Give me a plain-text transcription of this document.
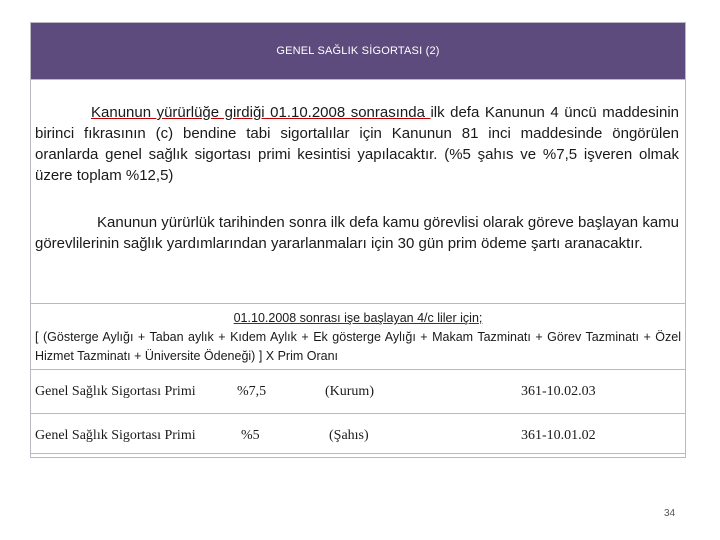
GENEL SAĞLIK SİGORTASI (2)

Kanunun yürürlüğe girdiği 01.10.2008 sonrasında ilk defa Kanunun 4 üncü maddesinin birinci fıkrasının (c) bendine tabi sigortalılar için Kanunun 81 inci maddesinde öngörülen oranlarda genel sağlık sigortası primi kesintisi yapılacaktır. (%5 şahıs ve %7,5 işveren olmak üzere toplam %12,5)

Kanunun yürürlük tarihinden sonra ilk defa kamu görevlisi olarak göreve başlayan kamu görevlilerinin sağlık yardımlarından yararlanmaları için 30 gün prim ödeme şartı aranacaktır.

01.10.2008 sonrası işe başlayan 4/c liler için;
[ (Gösterge Aylığı + Taban aylık + Kıdem Aylık + Ek gösterge Aylığı + Makam Tazminatı + Görev Tazminatı + Özel Hizmet Tazminatı + Üniversite Ödeneği) ] X Prim Oranı
Genel Sağlık Sigortası Primi	%7,5	(Kurum)	361-10.02.03
Genel Sağlık Sigortası Primi	%5	(Şahıs)	361-10.01.02
34
